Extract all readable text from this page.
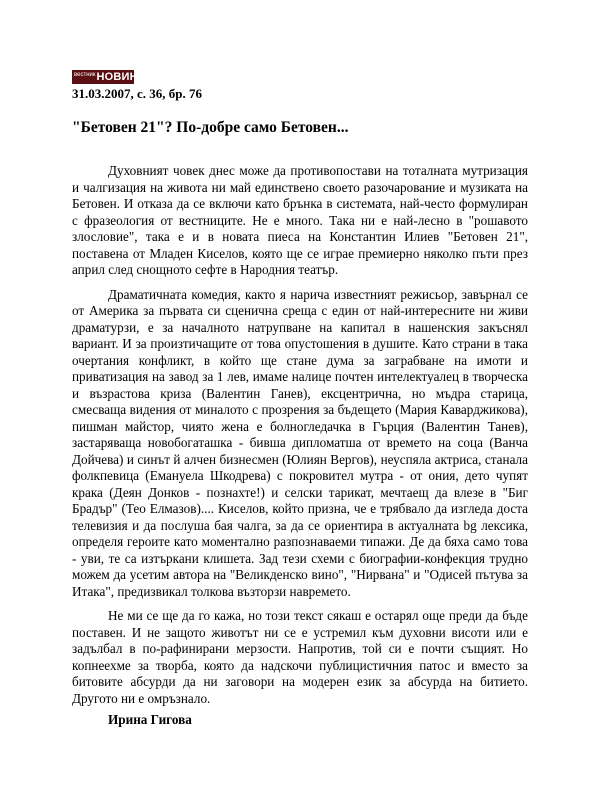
вестник НОВИНАР
31.03.2007, с. 36, бр. 76
"Бетовен 21"? По-добре само Бетовен...

Духовният човек днес може да противопостави на тоталната мутризация и чалгизация на живота ни май единствено своето разочарование и музиката на Бетовен. И отказа да се включи като брънка в системата, най-често формулиран с фразеология от вестниците. Не е много. Така ни е най-лесно в "рошавото злословие", така е и в новата пиеса на Константин Илиев "Бетовен 21", поставена от Младен Киселов, която ще се играе премиерно няколко пъти през април след снощното сефте в Народния театър.

Драматичната комедия, както я нарича известният режисьор, завърнал се от Америка за първата си сценична среща с един от най-интересните ни живи драматурзи, е за началното натрупване на капитал в нашенския закъснял вариант. И за произтичащите от това опустошения в душите. Като страни в така очертания конфликт, в който ще стане дума за заграбване на имоти и приватизация на завод за 1 лев, имаме налице почтен интелектуалец в творческа и възрастова криза (Валентин Ганев), ексцентрична, но мъдра старица, смесваща видения от миналото с прозрения за бъдещето (Мария Каварджикова), пишман майстор, чиято жена е болногледачка в Гърция (Валентин Танев), застаряваща новобогаташка - бивша дипломатша от времето на соца (Ванча Дойчева) и синът й алчен бизнесмен (Юлиян Вергов), неуспяла актриса, станала фолкпевица (Емануела Шкодрева) с покровител мутра - от ония, дето чупят крака (Деян Донков - познахте!) и селски тарикат, мечтаещ да влезе в "Биг Брадър" (Тео Елмазов).... Киселов, който призна, че е трябвало да изгледа доста телевизия и да послуша бая чалга, за да се ориентира в актуалната bg лексика, определя героите като моментално разпознаваеми типажи. Де да бяха само това - уви, те са изтъркани клишета. Зад тези схеми с биографии-конфекция трудно можем да усетим автора на "Великденско вино", "Нирвана" и "Одисей пътува за Итака", предизвикал толкова възторзи навремето.

Не ми се ще да го кажа, но този текст сякаш е остарял още преди да бъде поставен. И не защото животът ни се е устремил към духовни висоти или е задълбал в по-рафинирани мерзости. Напротив, той си е почти същият. Но копнеехме за творба, която да надскочи публицистичния патос и вместо за битовите абсурди да ни заговори на модерен език за абсурда на битието. Другото ни е омръзнало.

Ирина Гигова
